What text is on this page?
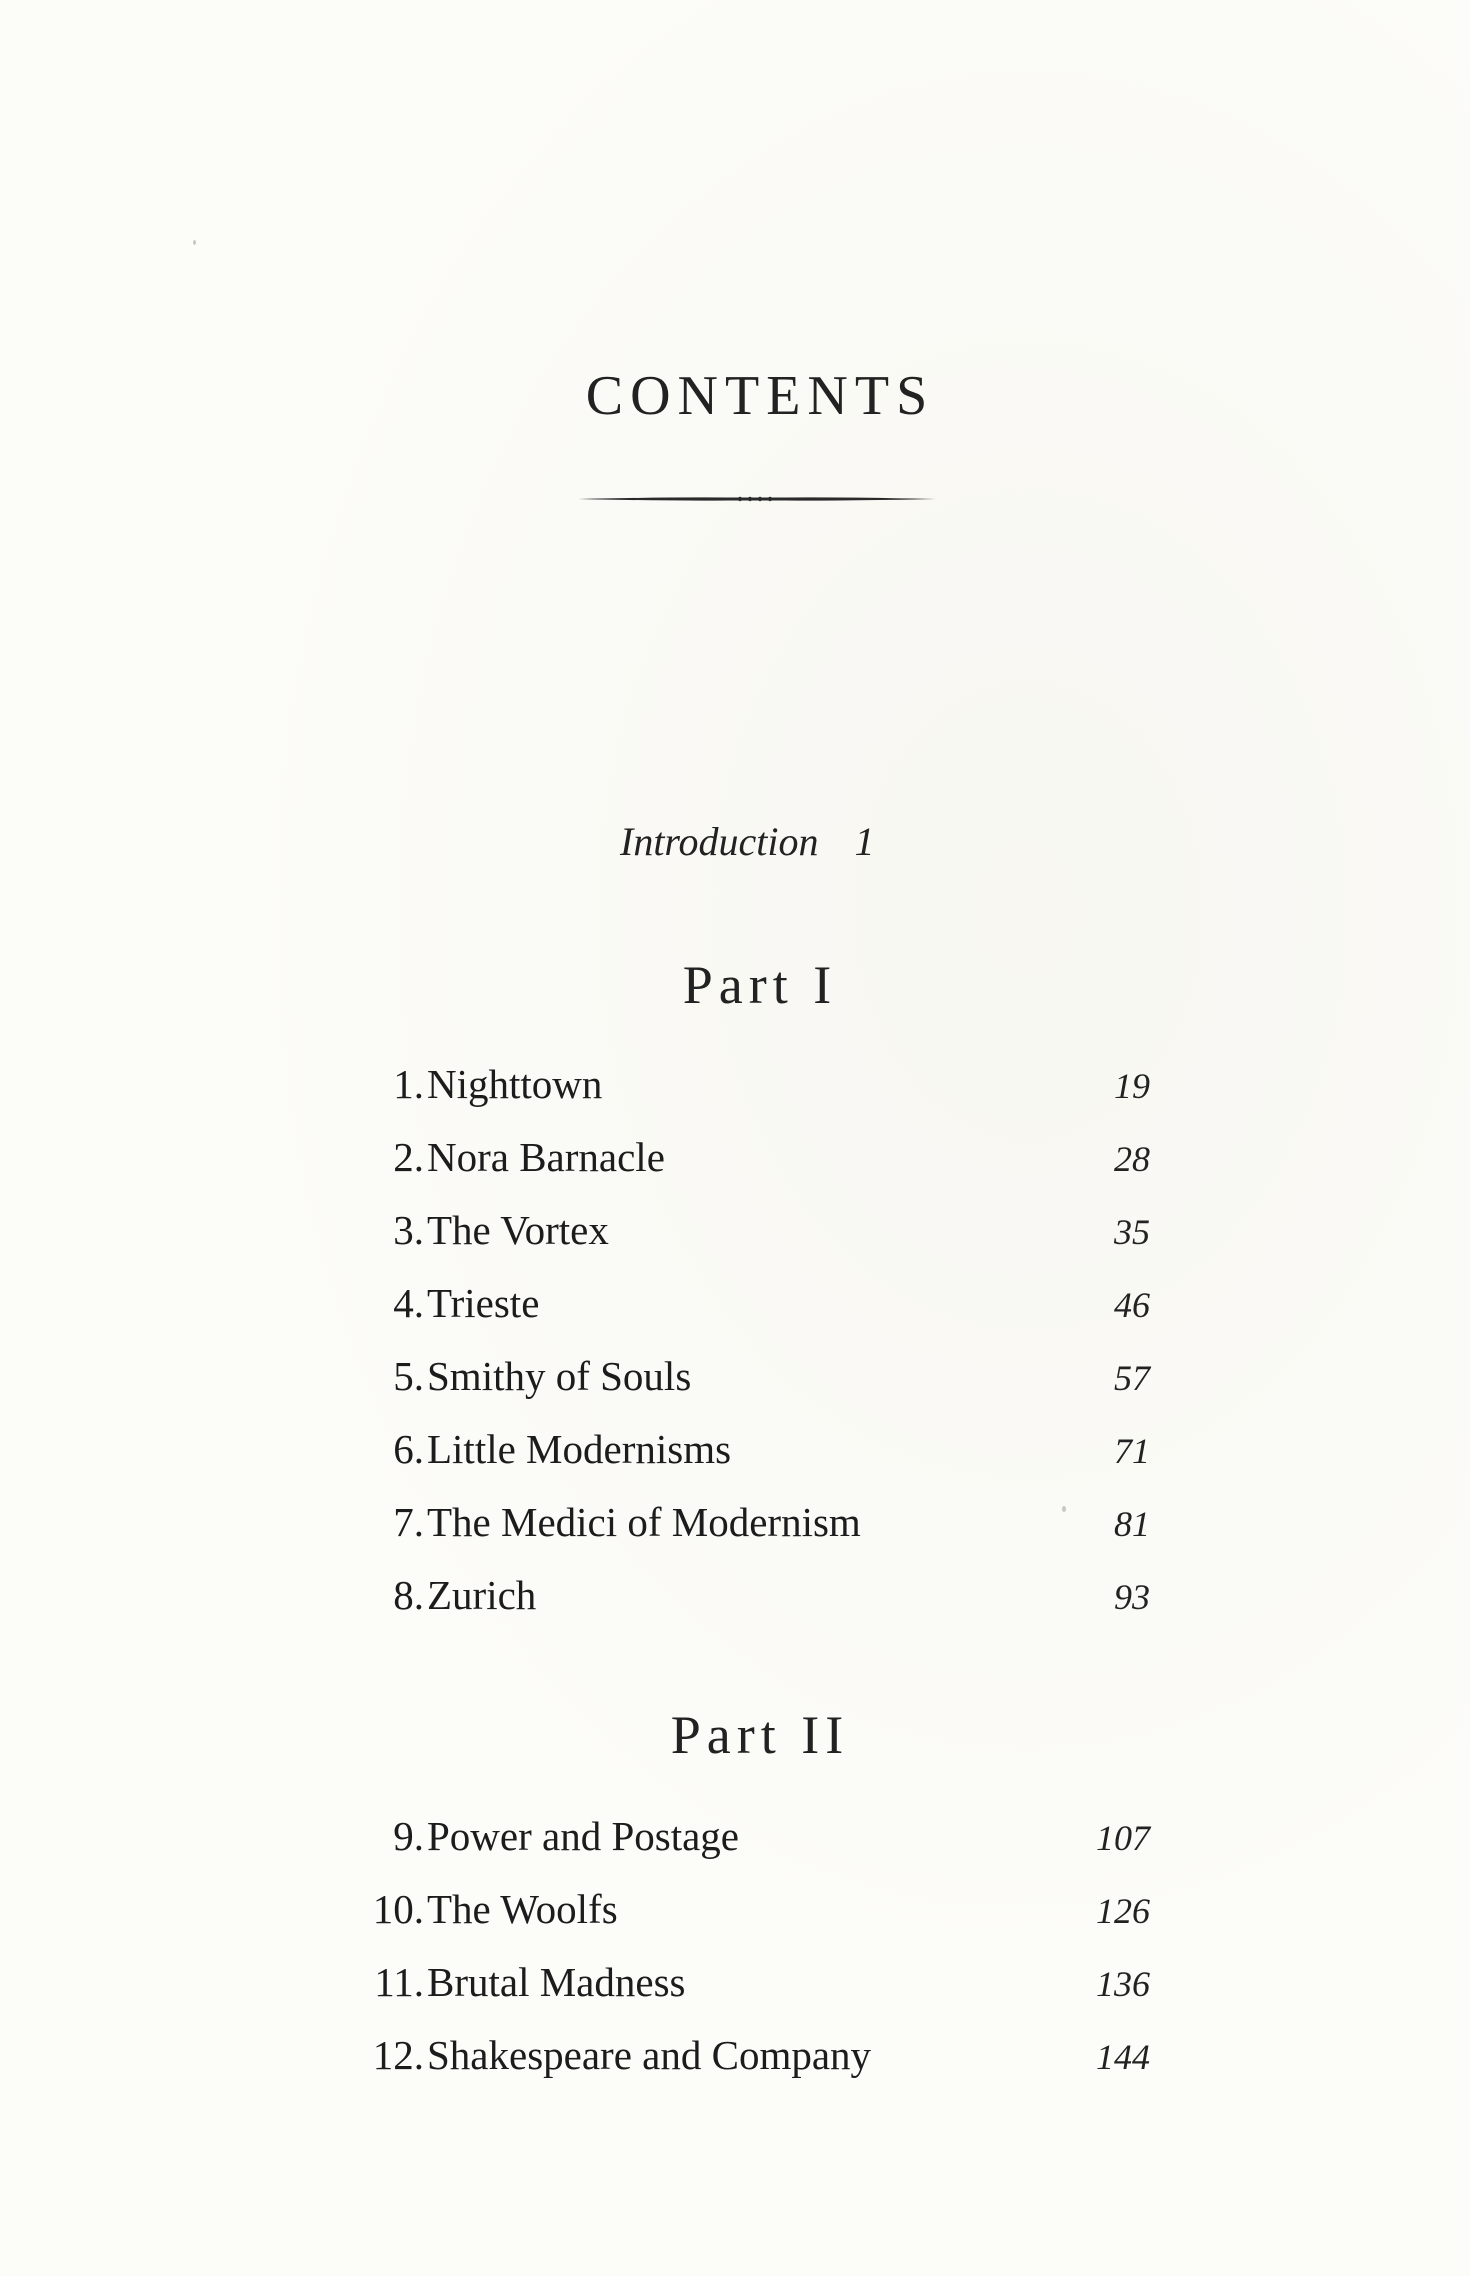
CONTENTS
Introduction 1
Part I
1. Nighttown	19
2. Nora Barnacle	28
3. The Vortex	35
4. Trieste	46
5. Smithy of Souls	57
6. Little Modernisms	71
7. The Medici of Modernism	81
8. Zurich	93
Part II
9. Power and Postage	107
10. The Woolfs	126
11. Brutal Madness	136
12. Shakespeare and Company	144
